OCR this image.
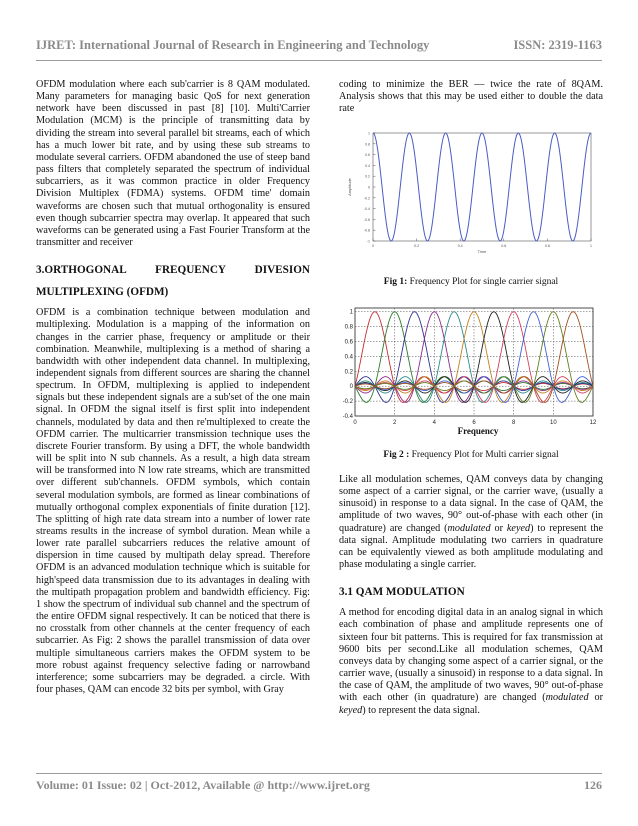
IJRET: International Journal of Research in Engineering and Technology	ISSN: 2319-1163

OFDM modulation where each sub'carrier is 8 QAM modulated. Many parameters for managing basic QoS for next generation network have been discussed in past [8] [10]. Multi'Carrier Modulation (MCM) is the principle of transmitting data by dividing the stream into several parallel bit streams, each of which has a much lower bit rate, and by using these sub streams to modulate several carriers. OFDM abandoned the use of steep band pass filters that completely separated the spectrum of individual subcarriers, as it was common practice in older Frequency Division Multiplex (FDMA) systems. OFDM time' domain waveforms are chosen such that mutual orthogonality is ensured even though subcarrier spectra may overlap. It appeared that such waveforms can be generated using a Fast Fourier Transform at the transmitter and receiver

3.ORTHOGONAL FREQUENCY DIVESION
MULTIPLEXING (OFDM)

OFDM is a combination technique between modulation and multiplexing. Modulation is a mapping of the information on changes in the carrier phase, frequency or amplitude or their combination. Meanwhile, multiplexing is a method of sharing a bandwidth with other independent data channel. In multiplexing, independent signals from different sources are sharing the channel spectrum. In OFDM, multiplexing is applied to independent signals but these independent signals are a sub'set of the one main signal. In OFDM the signal itself is first split into independent channels, modulated by data and then re'multiplexed to create the OFDM carrier. The multicarrier transmission technique uses the discrete Fourier transform. By using a DFT, the whole bandwidth will be split into N sub channels. As a result, a high data stream will be transformed into N low rate streams, which are transmitted over different sub'channels. OFDM symbols, which contain several modulation symbols, are formed as linear combinations of mutually orthogonal complex exponentials of finite duration [12]. The splitting of high rate data stream into a number of lower rate streams results in the increase of symbol duration. Mean while a lower rate parallel subcarriers reduces the relative amount of dispersion in time caused by multipath delay spread. Therefore OFDM is an advanced modulation technique which is suitable for high'speed data transmission due to its advantages in dealing with the multipath propagation problem and bandwidth efficiency. Fig: 1 show the spectrum of individual sub channel and the spectrum of the entire OFDM signal respectively. It can be noticed that there is no crosstalk from other channels at the center frequency of each subcarrier. As Fig: 2 shows the parallel transmission of data over multiple simultaneous carriers makes the OFDM system to be more robust against frequency selective fading or narrowband interference; some subcarriers may be degraded. a circle. With four phases, QAM can encode 32 bits per symbol, with Gray

coding to minimize the BER — twice the rate of 8QAM. Analysis shows that this may be used either to double the data rate

-1
-0.8
-0.6
-0.4
-0.2
0
0.2
0.4
0.6
0.8
1
0	0.2	0.4	0.6	0.8	1
Time
Amplitude
Fig 1: Frequency Plot for single carrier signal
-0.4
-0.2
0
0.2
0.4
0.6
0.8
1
0	2	4	6	8	10	12
Frequency
Fig 2 : Frequency Plot for Multi carrier signal

Like all modulation schemes, QAM conveys data by changing some aspect of a carrier signal, or the carrier wave, (usually a sinusoid) in response to a data signal. In the case of QAM, the amplitude of two waves, 90° out-of-phase with each other (in quadrature) are changed (modulated or keyed) to represent the data signal. Amplitude modulating two carriers in quadrature can be equivalently viewed as both amplitude modulating and phase modulating a single carrier.

3.1 QAM MODULATION

A method for encoding digital data in an analog signal in which each combination of phase and amplitude represents one of sixteen four bit patterns. This is required for fax transmission at 9600 bits per second.Like all modulation schemes, QAM conveys data by changing some aspect of a carrier signal, or the carrier wave, (usually a sinusoid) in response to a data signal. In the case of QAM, the amplitude of two waves, 90° out-of-phase with each other (in quadrature) are changed (modulated or keyed) to represent the data signal.

Volume: 01 Issue: 02 | Oct-2012, Available @ http://www.ijret.org	126
